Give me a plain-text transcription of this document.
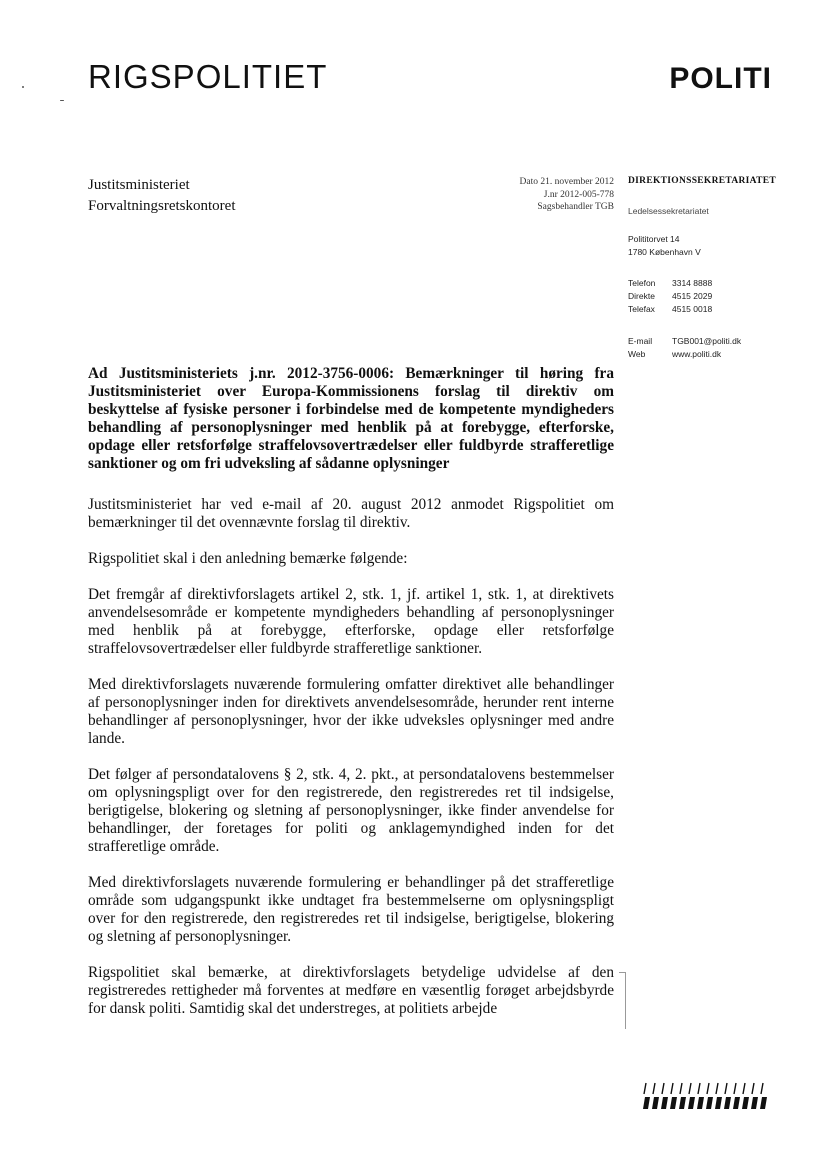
RIGSPOLITIET	POLITI
Justitsministeriet
Forvaltningsretskontoret
Dato 21. november 2012
J.nr 2012-005-778
Sagsbehandler TGB
DIREKTIONSSEKRETARIATET
Ledelsessekretariatet
Polititorvet 14
1780 København V
Telefon 3314 8888
Direkte 4515 2029
Telefax 4515 0018
E-mail TGB001@politi.dk
Web	www.politi.dk
Ad Justitsministeriets j.nr. 2012-3756-0006: Bemærkninger til høring fra Justitsministeriet over Europa-Kommissionens forslag til direktiv om beskyttelse af fysiske personer i forbindelse med de kompetente myndigheders behandling af personoplysninger med henblik på at forebygge, efterforske, opdage eller retsforfølge straffelovsovertrædelser eller fuldbyrde strafferetlige sanktioner og om fri udveksling af sådanne oplysninger

Justitsministeriet har ved e-mail af 20. august 2012 anmodet Rigspolitiet om bemærkninger til det ovennævnte forslag til direktiv.

Rigspolitiet skal i den anledning bemærke følgende:

Det fremgår af direktivforslagets artikel 2, stk. 1, jf. artikel 1, stk. 1, at direktivets anvendelsesområde er kompetente myndigheders behandling af personoplysninger med henblik på at forebygge, efterforske, opdage eller retsforfølge straffelovsovertrædelser eller fuldbyrde strafferetlige sanktioner.

Med direktivforslagets nuværende formulering omfatter direktivet alle behandlinger af personoplysninger inden for direktivets anvendelsesområde, herunder rent interne behandlinger af personoplysninger, hvor der ikke udveksles oplysninger med andre lande.

Det følger af persondatalovens § 2, stk. 4, 2. pkt., at persondatalovens bestemmelser om oplysningspligt over for den registrerede, den registreredes ret til indsigelse, berigtigelse, blokering og sletning af personoplysninger, ikke finder anvendelse for behandlinger, der foretages for politi og anklagemyndighed inden for det strafferetlige område.

Med direktivforslagets nuværende formulering er behandlinger på det strafferetlige område som udgangspunkt ikke undtaget fra bestemmelserne om oplysningspligt over for den registrerede, den registreredes ret til indsigelse, berigtigelse, blokering og sletning af personoplysninger.

Rigspolitiet skal bemærke, at direktivforslagets betydelige udvidelse af den registreredes rettigheder må forventes at medføre en væsentlig forøget arbejdsbyrde for dansk politi. Samtidig skal det understreges, at politiets arbejde
